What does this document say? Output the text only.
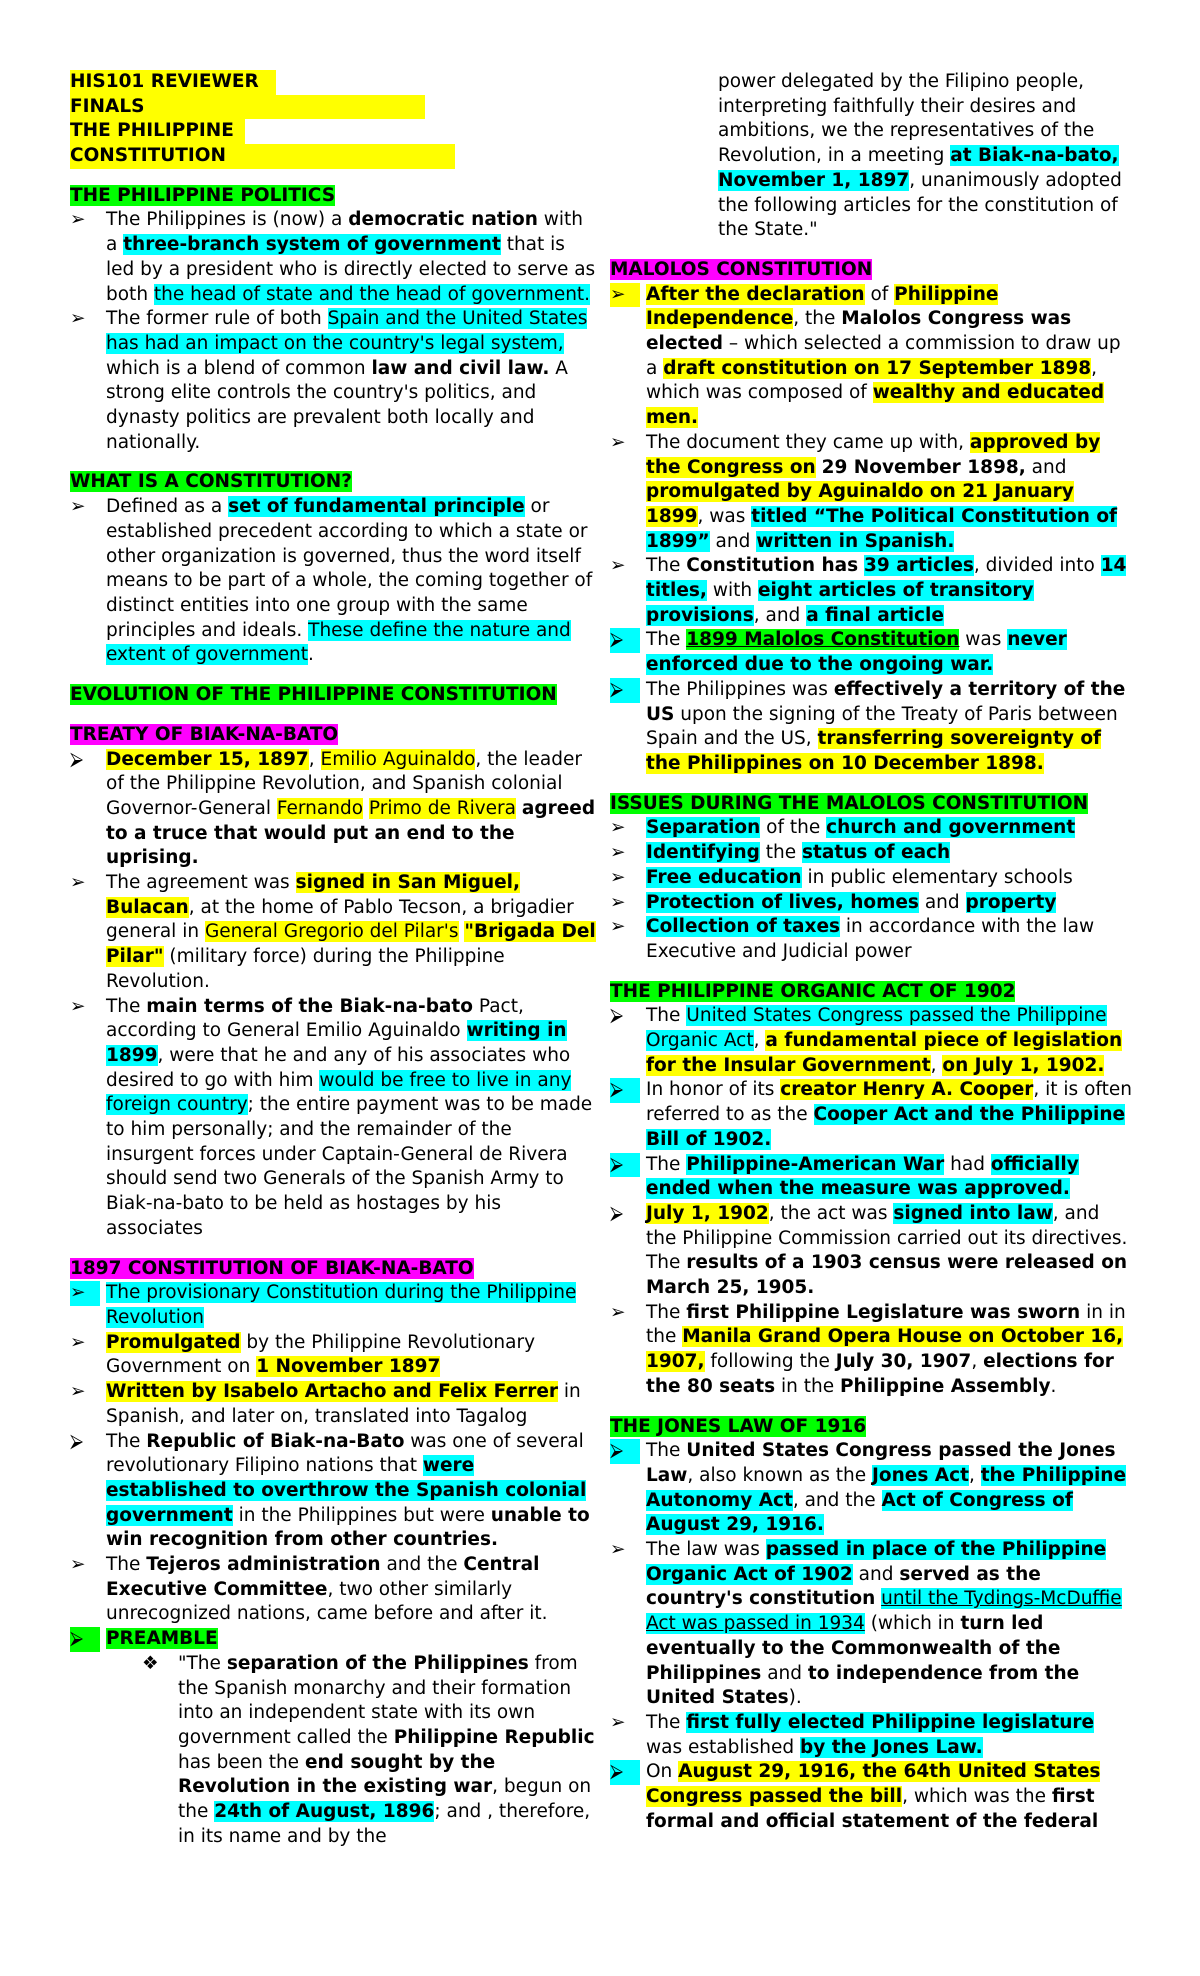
HIS101 REVIEWER
FINALS
THE PHILIPPINE
CONSTITUTION
THE PHILIPPINE POLITICS
➢	The Philippines is (now) a democratic nation with a three-branch system of government that is led by a president who is directly elected to serve as both the head of state and the head of government.
➢	The former rule of both Spain and the United States has had an impact on the country's legal system, which is a blend of common law and civil law. A strong elite controls the country's politics, and dynasty politics are prevalent both locally and nationally.
WHAT IS A CONSTITUTION?
➢	Defined as a set of fundamental principle or established precedent according to which a state or other organization is governed, thus the word itself means to be part of a whole, the coming together of distinct entities into one group with the same principles and ideals. These define the nature and extent of government.
EVOLUTION OF THE PHILIPPINE CONSTITUTION
TREATY OF BIAK-NA-BATO
⮚	December 15, 1897, Emilio Aguinaldo, the leader of the Philippine Revolution, and Spanish colonial Governor-General Fernando Primo de Rivera agreed to a truce that would put an end to the uprising.
➢	The agreement was signed in San Miguel, Bulacan, at the home of Pablo Tecson, a brigadier general in General Gregorio del Pilar's "Brigada Del Pilar" (military force) during the Philippine Revolution.
➢	The main terms of the Biak-na-bato Pact, according to General Emilio Aguinaldo writing in 1899, were that he and any of his associates who desired to go with him would be free to live in any foreign country; the entire payment was to be made to him personally; and the remainder of the insurgent forces under Captain-General de Rivera should send two Generals of the Spanish Army to Biak-na-bato to be held as hostages by his associates
1897 CONSTITUTION OF BIAK-NA-BATO
➢	The provisionary Constitution during the Philippine Revolution
➢	Promulgated by the Philippine Revolutionary Government on 1 November 1897
➢	Written by Isabelo Artacho and Felix Ferrer in Spanish, and later on, translated into Tagalog
⮚	The Republic of Biak-na-Bato was one of several revolutionary Filipino nations that were established to overthrow the Spanish colonial government in the Philippines but were unable to win recognition from other countries.
➢	The Tejeros administration and the Central Executive Committee, two other similarly unrecognized nations, came before and after it.
⮚	PREAMBLE
❖ "The separation of the Philippines from the Spanish monarchy and their formation into an independent state with its own government called the Philippine Republic has been the end sought by the Revolution in the existing war, begun on the 24th of August, 1896; and , therefore, in its name and by the
power delegated by the Filipino people, interpreting faithfully their desires and ambitions, we the representatives of the Revolution, in a meeting at Biak-na-bato, November 1, 1897, unanimously adopted the following articles for the constitution of the State."
MALOLOS CONSTITUTION
➢	After the declaration of Philippine Independence, the Malolos Congress was elected – which selected a commission to draw up a draft constitution on 17 September 1898, which was composed of wealthy and educated men.
➢	The document they came up with, approved by the Congress on 29 November 1898, and promulgated by Aguinaldo on 21 January 1899, was titled “The Political Constitution of 1899” and written in Spanish.
➢	The Constitution has 39 articles, divided into 14 titles, with eight articles of transitory provisions, and a final article
⮚	The 1899 Malolos Constitution was never enforced due to the ongoing war.
⮚	The Philippines was effectively a territory of the US upon the signing of the Treaty of Paris between Spain and the US, transferring sovereignty of the Philippines on 10 December 1898.
ISSUES DURING THE MALOLOS CONSTITUTION
➢	Separation of the church and government
➢	Identifying the status of each
➢	Free education in public elementary schools
➢	Protection of lives, homes and property
➢	Collection of taxes in accordance with the law Executive and Judicial power
THE PHILIPPINE ORGANIC ACT OF 1902
⮚	The United States Congress passed the Philippine Organic Act, a fundamental piece of legislation for the Insular Government, on July 1, 1902.
⮚	In honor of its creator Henry A. Cooper, it is often referred to as the Cooper Act and the Philippine Bill of 1902.
⮚	The Philippine-American War had officially ended when the measure was approved.
⮚	July 1, 1902, the act was signed into law, and the Philippine Commission carried out its directives. The results of a 1903 census were released on March 25, 1905.
➢	The first Philippine Legislature was sworn in in the Manila Grand Opera House on October 16, 1907, following the July 30, 1907, elections for the 80 seats in the Philippine Assembly.
THE JONES LAW OF 1916
⮚	The United States Congress passed the Jones Law, also known as the Jones Act, the Philippine Autonomy Act, and the Act of Congress of August 29, 1916.
➢	The law was passed in place of the Philippine Organic Act of 1902 and served as the country's constitution until the Tydings-McDuffie Act was passed in 1934 (which in turn led eventually to the Commonwealth of the Philippines and to independence from the United States).
➢	The first fully elected Philippine legislature was established by the Jones Law.
⮚	On August 29, 1916, the 64th United States Congress passed the bill, which was the first formal and official statement of the federal
